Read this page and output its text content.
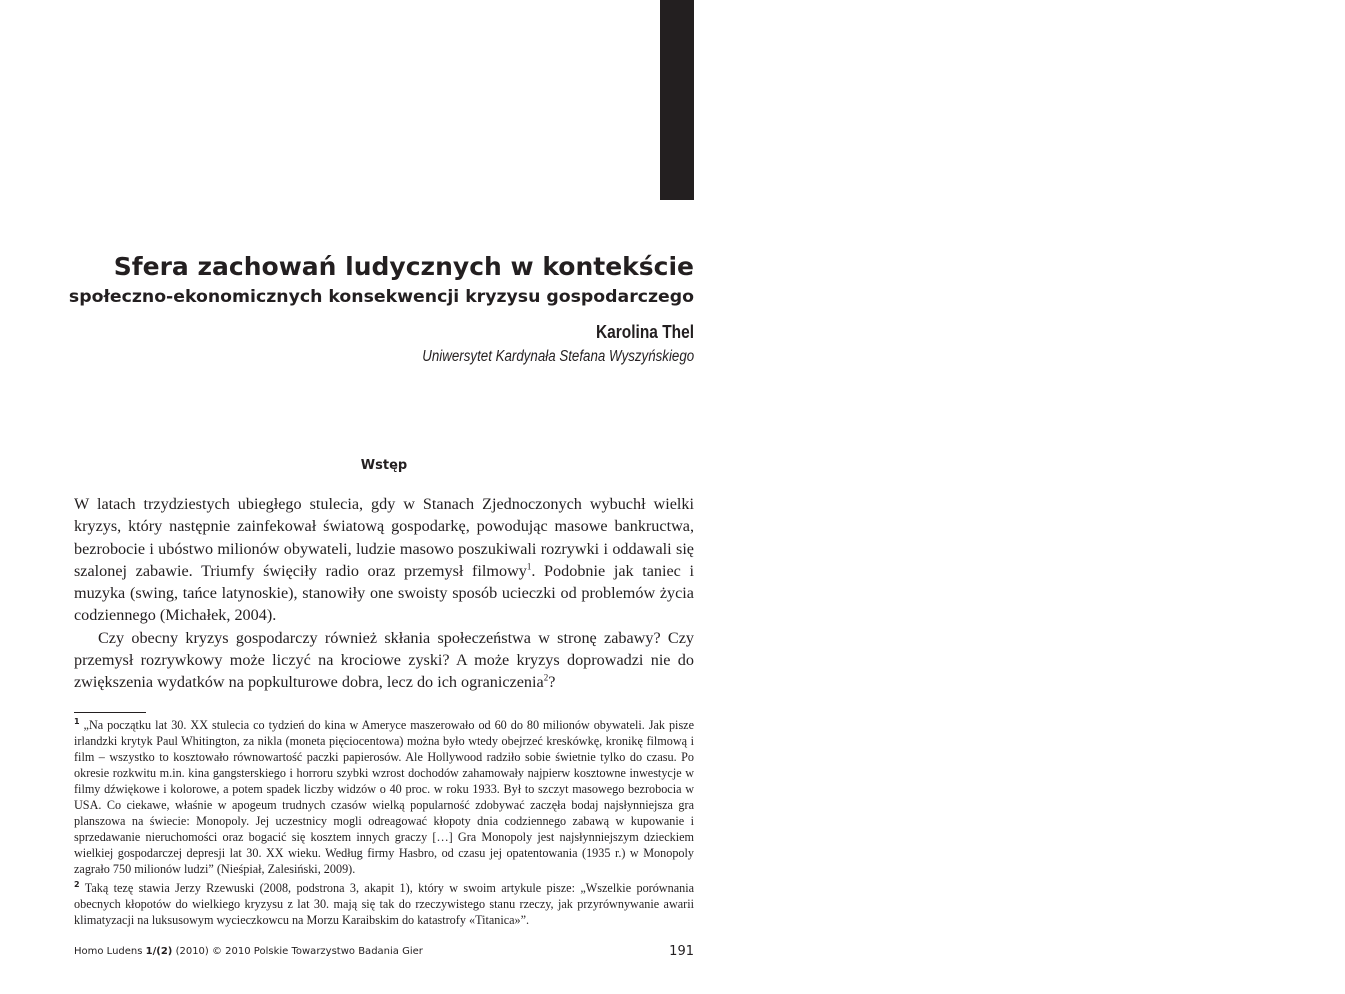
Homo Ludens 1/(2) (2010)
Sfera zachowań ludycznych w kontekście
społeczno-ekonomicznych konsekwencji kryzysu gospodarczego
Karolina Thel
Uniwersytet Kardynała Stefana Wyszyńskiego
Wstęp

W latach trzydziestych ubiegłego stulecia, gdy w Stanach Zjednoczonych wybuchł wielki kryzys, który następnie zainfekował światową gospodarkę, powodując masowe bankructwa, bezrobocie i ubóstwo milionów obywateli, ludzie masowo poszukiwali rozrywki i oddawali się szalonej zabawie. Triumfy święciły radio oraz przemysł filmowy$^1$. Podobnie jak taniec i muzyka (swing, tańce latynoskie), stanowiły one swoisty sposób ucieczki od problemów życia codziennego (Michałek, 2004).

Czy obecny kryzys gospodarczy również skłania społeczeństwa w stronę zabawy? Czy przemysł rozrywkowy może liczyć na krociowe zyski? A może kryzys doprowadzi nie do zwiększenia wydatków na popkulturowe dobra, lecz do ich ograniczenia$^2$?

$^1$ „Na początku lat 30. XX stulecia co tydzień do kina w Ameryce maszerowało od 60 do 80 milionów obywateli. Jak pisze irlandzki krytyk Paul Whitington, za nikla (moneta pięciocentowa) można było wtedy obejrzeć kreskówkę, kronikę filmową i film – wszystko to kosztowało równowartość paczki papierosów. Ale Hollywood radziło sobie świetnie tylko do czasu. Po okresie rozkwitu m.in. kina gangsterskiego i horroru szybki wzrost dochodów zahamowały najpierw kosztowne inwestycje w filmy dźwiękowe i kolorowe, a potem spadek liczby widzów o 40 proc. w roku 1933. Był to szczyt masowego bezrobocia w USA. Co ciekawe, właśnie w apogeum trudnych czasów wielką popularność zdobywać zaczęła bodaj najsłynniejsza gra planszowa na świecie: Monopoly. Jej uczestnicy mogli odreagować kłopoty dnia codziennego zabawą w kupowanie i sprzedawanie nieruchomości oraz bogacić się kosztem innych graczy […] Gra Monopoly jest najsłynniejszym dzieckiem wielkiej gospodarczej depresji lat 30. XX wieku. Według firmy Hasbro, od czasu jej opatentowania (1935 r.) w Monopoly zagrało 750 milionów ludzi” (Nieśpiał, Zalesiński, 2009).

$^2$ Taką tezę stawia Jerzy Rzewuski (2008, podstrona 3, akapit 1), który w swoim artykule pisze: „Wszelkie porównania obecnych kłopotów do wielkiego kryzysu z lat 30. mają się tak do rzeczywistego stanu rzeczy, jak przyrównywanie awarii klimatyzacji na luksusowym wycieczkowcu na Morzu Karaibskim do katastrofy «Titanica»”.

Homo Ludens 1/(2) (2010) © 2010 Polskie Towarzystwo Badania Gier	191
